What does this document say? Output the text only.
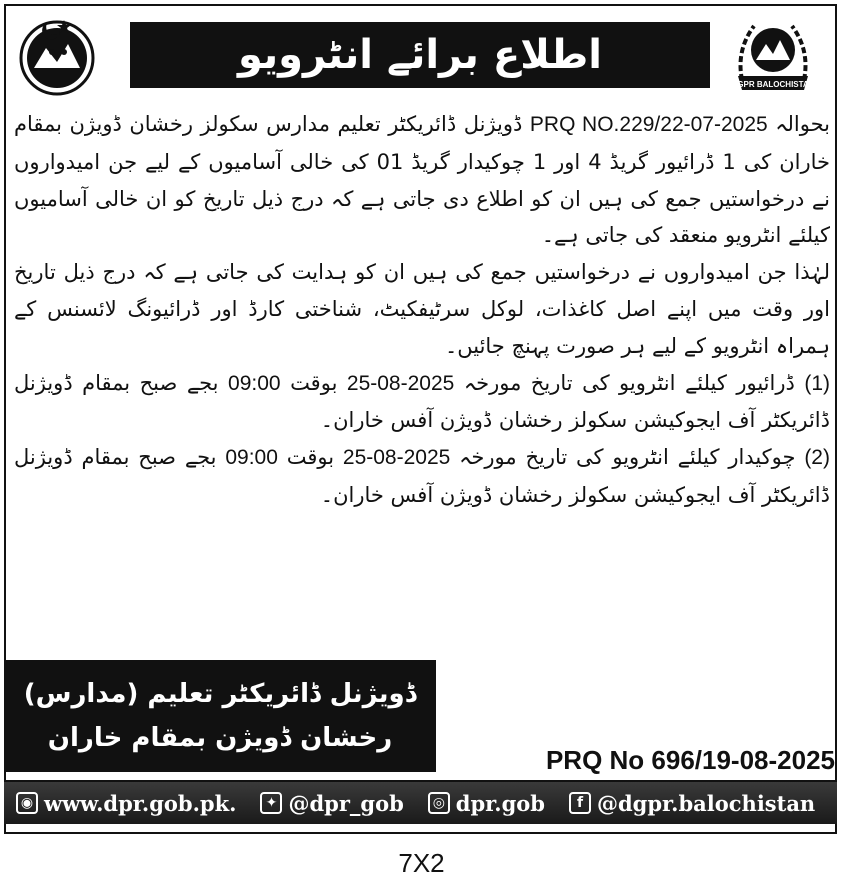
اطلاع برائے انٹرویو
DGPR BALOCHISTAN

بحوالہ PRQ NO.229/22-07-2025 ڈویژنل ڈائریکٹر تعلیم مدارس سکولز رخشان ڈویژن بمقام خاران کی 1 ڈرائیور گریڈ 4 اور 1 چوکیدار گریڈ 01 کی خالی آسامیوں کے لیے جن امیدواروں نے درخواستیں جمع کی ہیں ان کو اطلاع دی جاتی ہے کہ درج ذیل تاریخ کو ان خالی آسامیوں کیلئے انٹرویو منعقد کی جاتی ہے۔

لہٰذا جن امیدواروں نے درخواستیں جمع کی ہیں ان کو ہدایت کی جاتی ہے کہ درج ذیل تاریخ اور وقت میں اپنے اصل کاغذات، لوکل سرٹیفکیٹ، شناختی کارڈ اور ڈرائیونگ لائسنس کے ہمراہ انٹرویو کے لیے ہر صورت پہنچ جائیں۔

(1) ڈرائیور کیلئے انٹرویو کی تاریخ مورخہ 25-08-2025 بوقت 09:00 بجے صبح بمقام ڈویژنل ڈائریکٹر آف ایجوکیشن سکولز رخشان ڈویژن آفس خاران۔

(2) چوکیدار کیلئے انٹرویو کی تاریخ مورخہ 25-08-2025 بوقت 09:00 بجے صبح بمقام ڈویژنل ڈائریکٹر آف ایجوکیشن سکولز رخشان ڈویژن آفس خاران۔

ڈویژنل ڈائریکٹر تعلیم (مدارس)
رخشان ڈویژن بمقام خاران
PRQ No 696/19-08-2025
◉ www.dpr.gob.pk.	✦ @dpr_gob	◎ dpr.gob	f @dgpr.balochistan
7X2
